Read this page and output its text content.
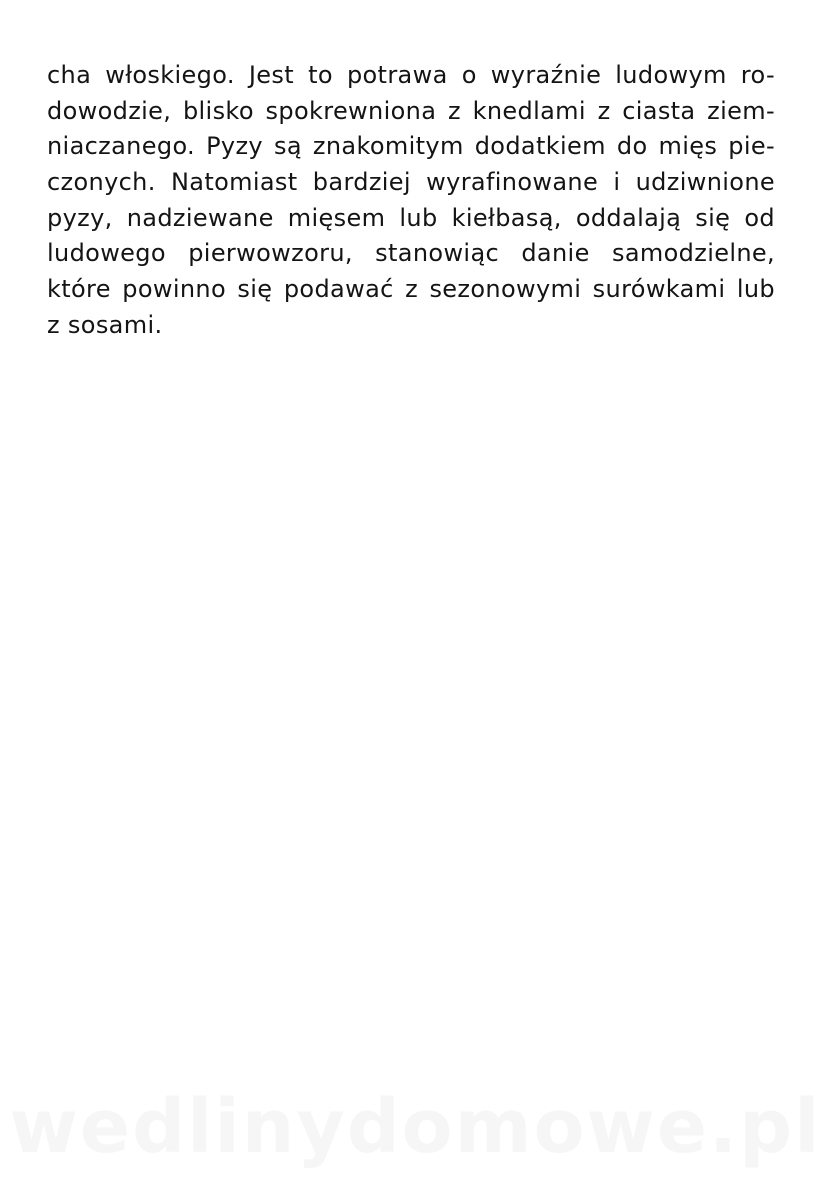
cha włoskiego. Jest to potrawa o wyraźnie ludowym ro-
dowodzie, blisko spokrewniona z knedlami z ciasta ziem-
niaczanego. Pyzy są znakomitym dodatkiem do mięs pie-
czonych. Natomiast bardziej wyrafinowane i udziwnione
pyzy, nadziewane mięsem lub kiełbasą, oddalają się od
ludowego pierwowzoru, stanowiąc danie samodzielne,
które powinno się podawać z sezonowymi surówkami lub
z sosami.
wedlinydomowe.pl
